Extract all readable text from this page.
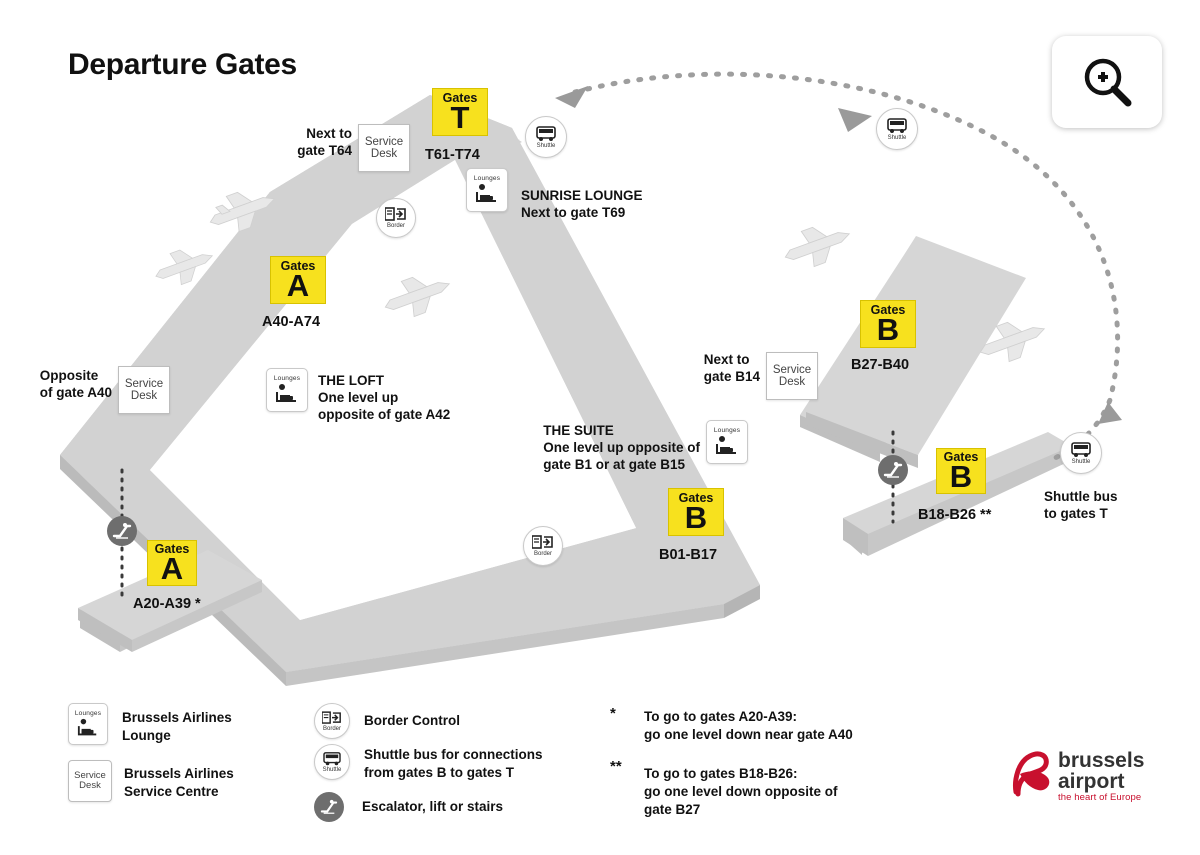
Departure Gates
Gates
T
T61-T74
Gates
A
A40-A74
Gates
A
A20-A39 *
Gates
B
B27-B40
Gates
B
B18-B26 **
Gates
B
B01-B17
Service
Desk
Next to
gate T64
Service
Desk
Opposite
of gate A40
Service
Desk
Next to
gate B14
Lounges
SUNRISE LOUNGE
Next to gate T69
Lounges THE LOFT
One level up
opposite of gate A42
Lounges
THE SUITE
One level up opposite of
gate B1 or at gate B15
Border
Border
Shuttle
Shuttle
Shuttle
Shuttle bus
to gates T
Lounges Brussels Airlines
Lounge
Service
Desk
Brussels Airlines
Service Centre
Border
Border Control
Shuttle
Shuttle bus for connections
from gates B to gates T
Escalator, lift or stairs
* To go to gates A20-A39:
go one level down near gate A40
** To go to gates B18-B26:
go one level down opposite of
gate B27
brussels
airport
the heart of Europe
